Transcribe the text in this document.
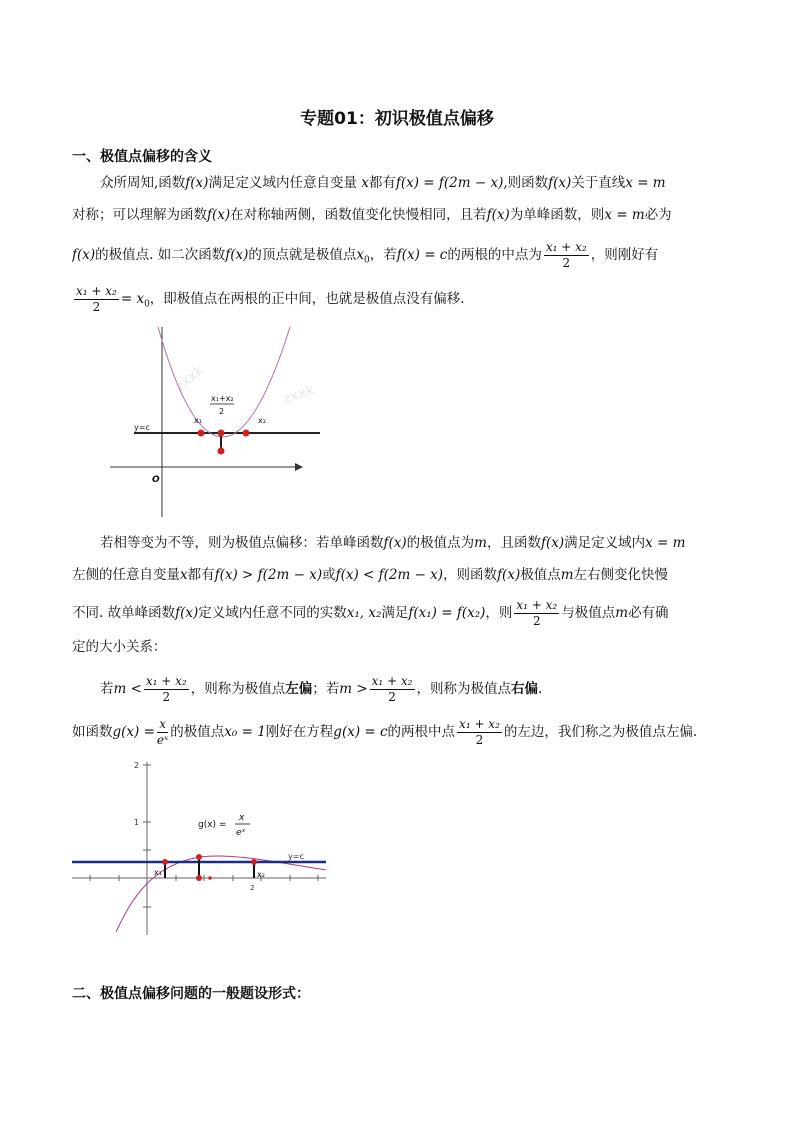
专题01：初识极值点偏移
一、极值点偏移的含义
众所周知,函数f(x)满足定义域内任意自变量 x都有f(x) = f(2m − x),则函数f(x)关于直线x = m
对称；可以理解为函数f(x)在对称轴两侧，函数值变化快慢相同，且若f(x)为单峰函数，则x = m必为
f(x)的极值点. 如二次函数f(x)的顶点就是极值点$x_0$，若f(x) = c的两根的中点为 $\frac{\text{x₁ + x₂}}{2}$ ，则刚好有
$\frac{\text{x₁ + x₂}}{2} = x_0$，即极值点在两根的正中间，也就是极值点没有偏移.
zxxk
zxxk
y=c
x₁	x₂
x₁+x₂
2
O
若相等变为不等，则为极值点偏移：若单峰函数f(x)的极值点为m，且函数f(x)满足定义域内x = m
左侧的任意自变量x都有f(x) > f(2m − x)或f(x) < f(2m − x)，则函数f(x)极值点m左右侧变化快慢
不同. 故单峰函数f(x)定义域内任意不同的实数x₁, x₂满足f(x₁) = f(x₂)，则 $\frac{\text{x₁ + x₂}}{2}$ 与极值点m必有确
定的大小关系：
若$m < \frac{\text{x₁ + x₂}}{2}$ ，则称为极值点左偏；若$m > \frac{\text{x₁ + x₂}}{2}$ ，则称为极值点右偏.
如函数$g(x) = \frac{x}{\text{eˣ}}$ 的极值点x₀ = 1刚好在方程g(x) = c的两根中点 $\frac{\text{x₁ + x₂}}{2}$ 的左边，我们称之为极值点左偏.
2
1	g(x) =
x
eˣ
y=c
x₁	x₂
2
二、极值点偏移问题的一般题设形式：
